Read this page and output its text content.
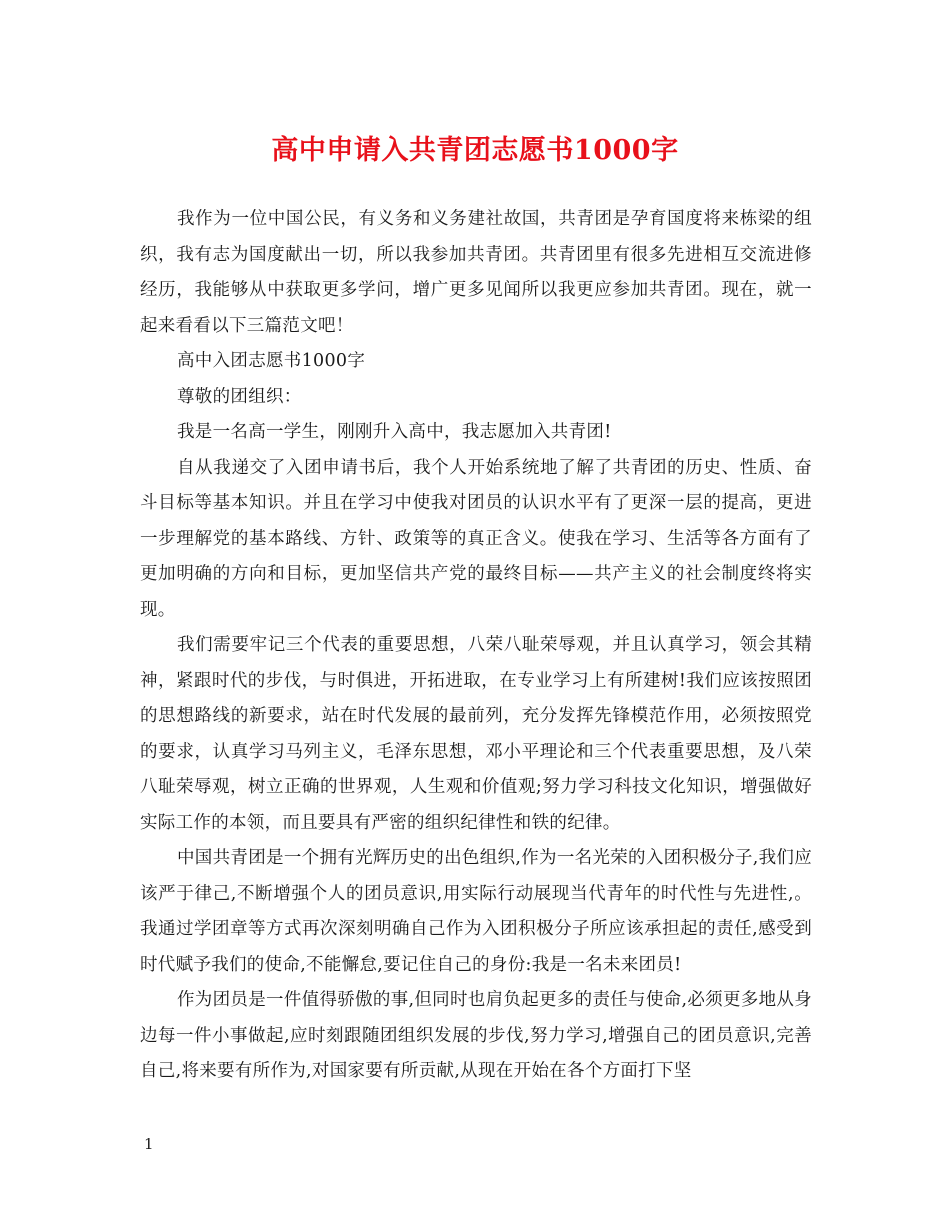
高中申请入共青团志愿书1000字

我作为一位中国公民，有义务和义务建社故国，共青团是孕育国度将来栋梁的组织，我有志为国度献出一切，所以我参加共青团。共青团里有很多先进相互交流进修经历，我能够从中获取更多学问，增广更多见闻所以我更应参加共青团。现在，就一起来看看以下三篇范文吧！

高中入团志愿书1000字

尊敬的团组织：

我是一名高一学生，刚刚升入高中，我志愿加入共青团!

自从我递交了入团申请书后，我个人开始系统地了解了共青团的历史、性质、奋斗目标等基本知识。并且在学习中使我对团员的认识水平有了更深一层的提高，更进一步理解党的基本路线、方针、政策等的真正含义。使我在学习、生活等各方面有了更加明确的方向和目标，更加坚信共产党的最终目标——共产主义的社会制度终将实现。

我们需要牢记三个代表的重要思想，八荣八耻荣辱观，并且认真学习，领会其精神，紧跟时代的步伐，与时俱进，开拓进取，在专业学习上有所建树!我们应该按照团的思想路线的新要求，站在时代发展的最前列，充分发挥先锋模范作用，必须按照党的要求，认真学习马列主义，毛泽东思想，邓小平理论和三个代表重要思想，及八荣八耻荣辱观，树立正确的世界观，人生观和价值观;努力学习科技文化知识，增强做好实际工作的本领，而且要具有严密的组织纪律性和铁的纪律。

中国共青团是一个拥有光辉历史的出色组织,作为一名光荣的入团积极分子,我们应该严于律己,不断增强个人的团员意识,用实际行动展现当代青年的时代性与先进性,。我通过学团章等方式再次深刻明确自己作为入团积极分子所应该承担起的责任,感受到时代赋予我们的使命,不能懈怠,要记住自己的身份:我是一名未来团员!

作为团员是一件值得骄傲的事,但同时也肩负起更多的责任与使命,必须更多地从身边每一件小事做起,应时刻跟随团组织发展的步伐,努力学习,增强自己的团员意识,完善自己,将来要有所作为,对国家要有所贡献,从现在开始在各个方面打下坚

1
